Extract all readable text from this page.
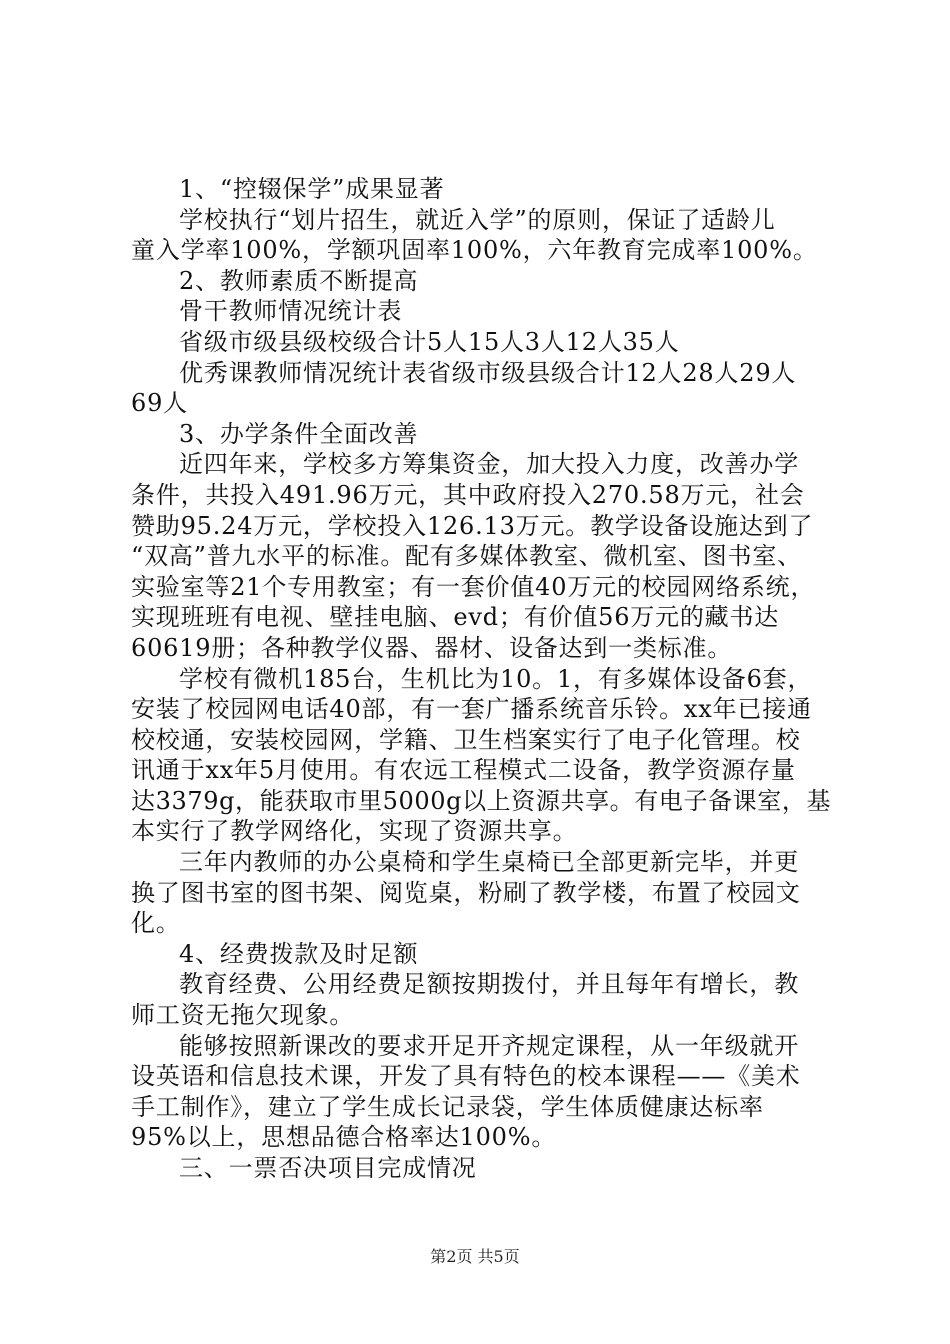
1、“控辍保学”成果显著
学校执行“划片招生，就近入学”的原则，保证了适龄儿
童入学率100%，学额巩固率100%，六年教育完成率100%。
2、教师素质不断提高
骨干教师情况统计表
省级市级县级校级合计5人15人3人12人35人
优秀课教师情况统计表省级市级县级合计12人28人29人
69人
3、办学条件全面改善
近四年来，学校多方筹集资金，加大投入力度，改善办学
条件，共投入491.96万元，其中政府投入270.58万元，社会
赞助95.24万元，学校投入126.13万元。教学设备设施达到了
“双高”普九水平的标准。配有多媒体教室、微机室、图书室、
实验室等21个专用教室；有一套价值40万元的校园网络系统，
实现班班有电视、壁挂电脑、evd；有价值56万元的藏书达
60619册；各种教学仪器、器材、设备达到一类标准。
学校有微机185台，生机比为10。1，有多媒体设备6套，
安装了校园网电话40部，有一套广播系统音乐铃。xx年已接通
校校通，安装校园网，学籍、卫生档案实行了电子化管理。校
讯通于xx年5月使用。有农远工程模式二设备，教学资源存量
达3379g，能获取市里5000g以上资源共享。有电子备课室，基
本实行了教学网络化，实现了资源共享。
三年内教师的办公桌椅和学生桌椅已全部更新完毕，并更
换了图书室的图书架、阅览桌，粉刷了教学楼，布置了校园文
化。
4、经费拨款及时足额
教育经费、公用经费足额按期拨付，并且每年有增长，教
师工资无拖欠现象。
能够按照新课改的要求开足开齐规定课程，从一年级就开
设英语和信息技术课，开发了具有特色的校本课程——《美术
手工制作》，建立了学生成长记录袋，学生体质健康达标率
95%以上，思想品德合格率达100%。
三、一票否决项目完成情况
第2页 共5页
